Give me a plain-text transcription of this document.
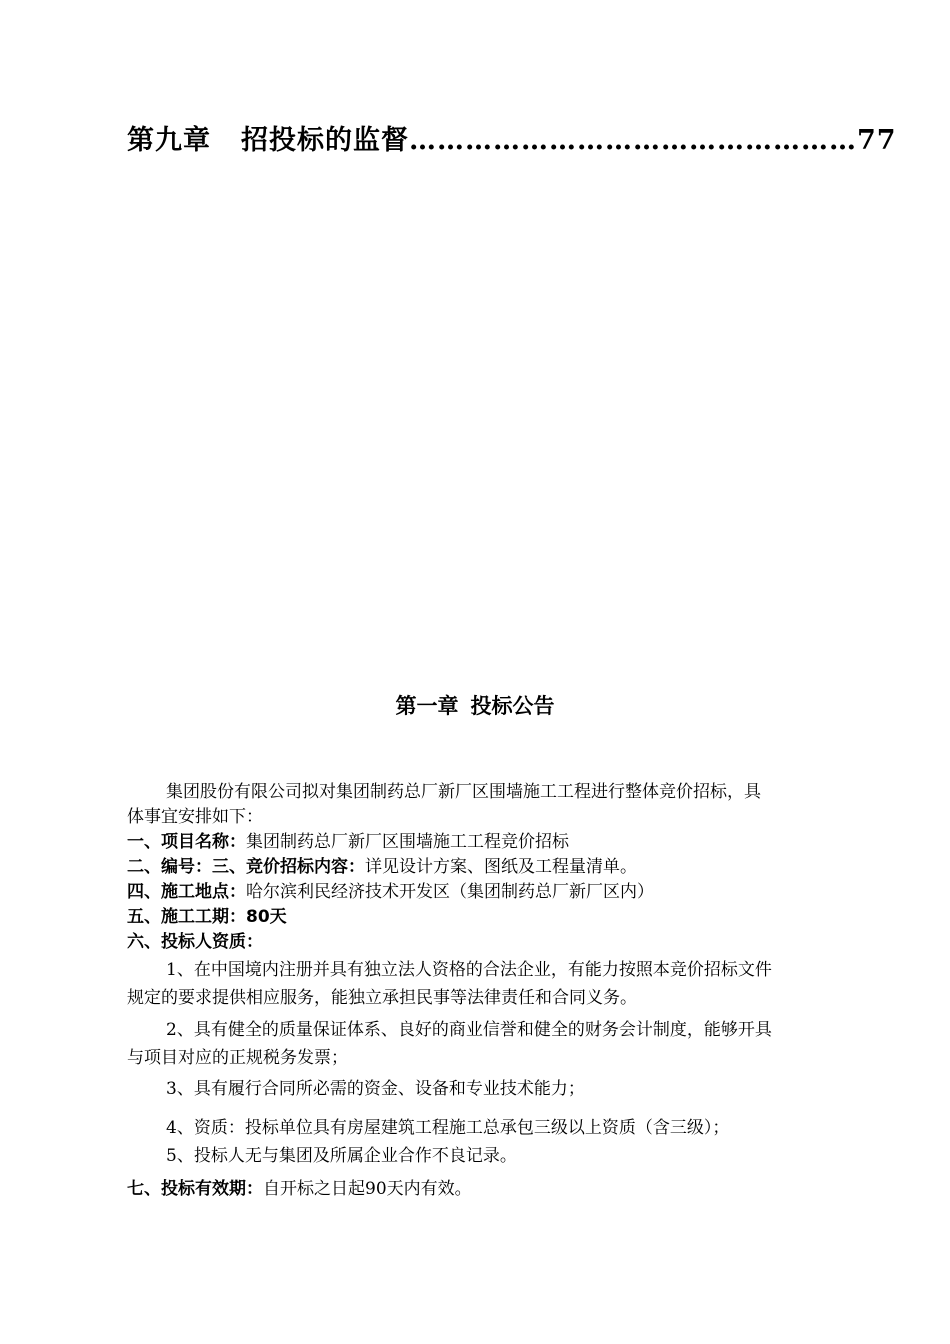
第九章 招投标的监督…………………………………………77
第一章 投标公告
集团股份有限公司拟对集团制药总厂新厂区围墙施工工程进行整体竞价招标，具
体事宜安排如下：
一、项目名称：集团制药总厂新厂区围墙施工工程竞价招标
二、编号：三、竞价招标内容：详见设计方案、图纸及工程量清单。
四、施工地点：哈尔滨利民经济技术开发区（集团制药总厂新厂区内）
五、施工工期：80天
六、投标人资质：
1、在中国境内注册并具有独立法人资格的合法企业，有能力按照本竞价招标文件
规定的要求提供相应服务，能独立承担民事等法律责任和合同义务。
2、具有健全的质量保证体系、良好的商业信誉和健全的财务会计制度，能够开具
与项目对应的正规税务发票；
3、具有履行合同所必需的资金、设备和专业技术能力；
4、资质：投标单位具有房屋建筑工程施工总承包三级以上资质（含三级）；
5、投标人无与集团及所属企业合作不良记录。
七、投标有效期：自开标之日起90天内有效。
